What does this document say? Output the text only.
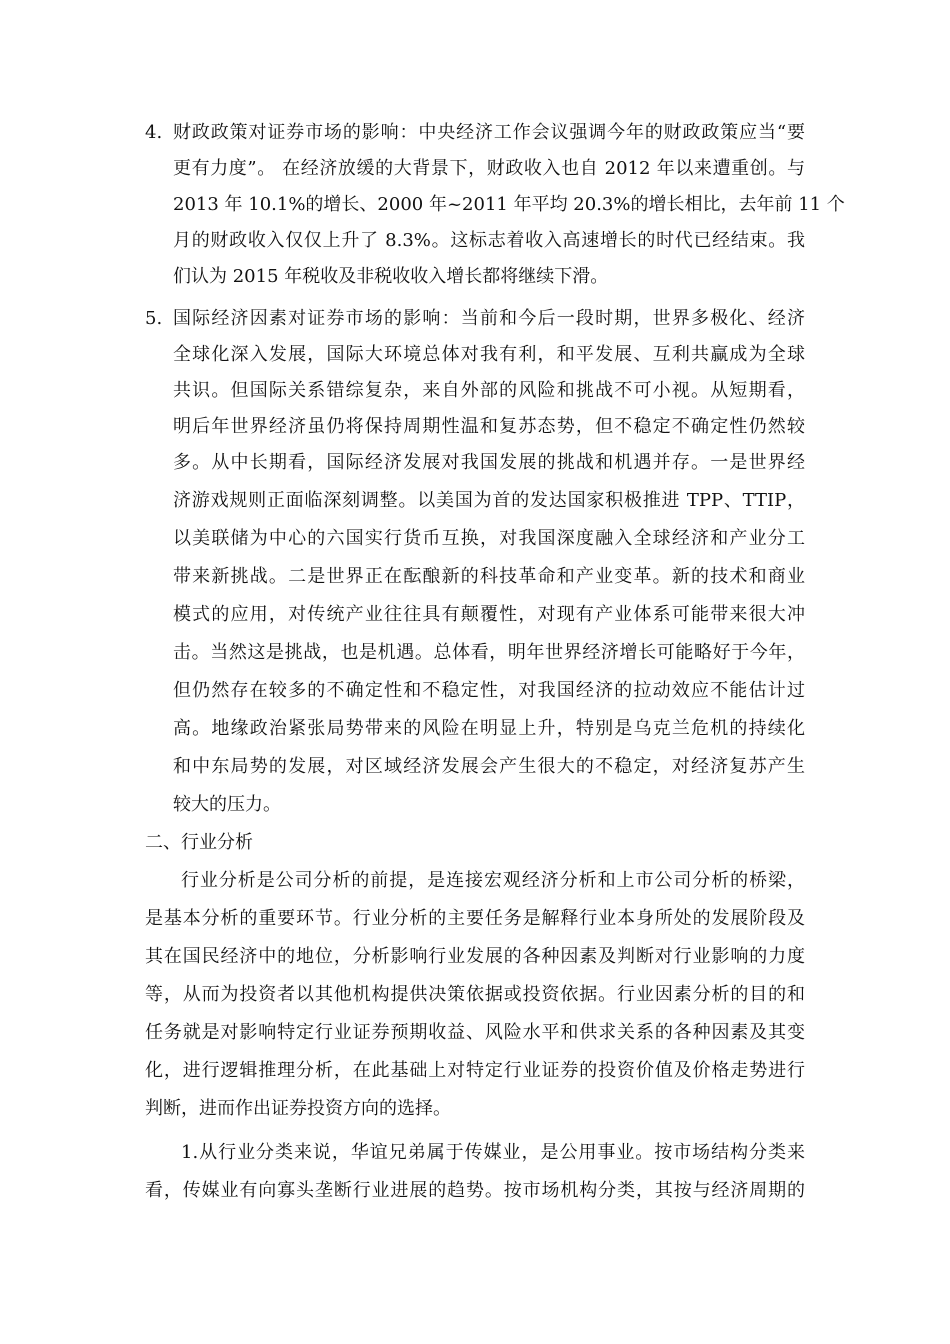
4. 财政政策对证券市场的影响：中央经济工作会议强调今年的财政政策应当“要
更有力度”。 在经济放缓的大背景下，财政收入也自 2012 年以来遭重创。与
2013 年 10.1%的增长、2000 年~2011 年平均 20.3%的增长相比，去年前 11 个
月的财政收入仅仅上升了 8.3%。这标志着收入高速增长的时代已经结束。我
们认为 2015 年税收及非税收收入增长都将继续下滑。
5. 国际经济因素对证券市场的影响：当前和今后一段时期，世界多极化、经济
全球化深入发展，国际大环境总体对我有利，和平发展、互利共赢成为全球
共识。但国际关系错综复杂，来自外部的风险和挑战不可小视。从短期看，
明后年世界经济虽仍将保持周期性温和复苏态势，但不稳定不确定性仍然较
多。从中长期看，国际经济发展对我国发展的挑战和机遇并存。一是世界经
济游戏规则正面临深刻调整。以美国为首的发达国家积极推进 TPP、TTIP，
以美联储为中心的六国实行货币互换，对我国深度融入全球经济和产业分工
带来新挑战。二是世界正在酝酿新的科技革命和产业变革。新的技术和商业
模式的应用，对传统产业往往具有颠覆性，对现有产业体系可能带来很大冲
击。当然这是挑战，也是机遇。总体看，明年世界经济增长可能略好于今年，
但仍然存在较多的不确定性和不稳定性，对我国经济的拉动效应不能估计过
高。地缘政治紧张局势带来的风险在明显上升，特别是乌克兰危机的持续化
和中东局势的发展，对区域经济发展会产生很大的不稳定，对经济复苏产生
较大的压力。
二、行业分析
行业分析是公司分析的前提，是连接宏观经济分析和上市公司分析的桥梁，
是基本分析的重要环节。行业分析的主要任务是解释行业本身所处的发展阶段及
其在国民经济中的地位，分析影响行业发展的各种因素及判断对行业影响的力度
等，从而为投资者以其他机构提供决策依据或投资依据。行业因素分析的目的和
任务就是对影响特定行业证券预期收益、风险水平和供求关系的各种因素及其变
化，进行逻辑推理分析，在此基础上对特定行业证券的投资价值及价格走势进行
判断，进而作出证券投资方向的选择。
1.从行业分类来说，华谊兄弟属于传媒业，是公用事业。按市场结构分类来
看，传媒业有向寡头垄断行业进展的趋势。按市场机构分类，其按与经济周期的
